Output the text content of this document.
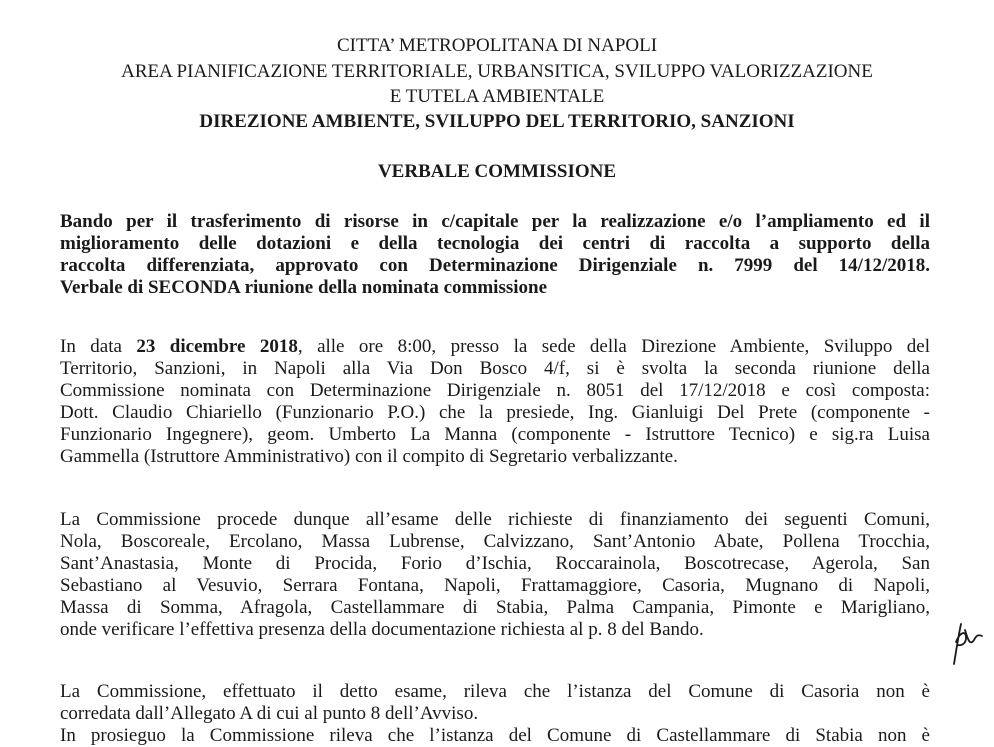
CITTA’ METROPOLITANA DI NAPOLI
AREA PIANIFICAZIONE TERRITORIALE, URBANSITICA, SVILUPPO VALORIZZAZIONE
E TUTELA AMBIENTALE
DIREZIONE AMBIENTE, SVILUPPO DEL TERRITORIO, SANZIONI
VERBALE COMMISSIONE
Bando per il trasferimento di risorse in c/capitale per la realizzazione e/o l’ampliamento ed il
miglioramento delle dotazioni e della tecnologia dei centri di raccolta a supporto della
raccolta differenziata, approvato con Determinazione Dirigenziale n. 7999 del 14/12/2018.
Verbale di SECONDA riunione della nominata commissione
In data 23 dicembre 2018, alle ore 8:00, presso la sede della Direzione Ambiente, Sviluppo del
Territorio, Sanzioni, in Napoli alla Via Don Bosco 4/f, si è svolta la seconda riunione della
Commissione nominata con Determinazione Dirigenziale n. 8051 del 17/12/2018 e così composta:
Dott. Claudio Chiariello (Funzionario P.O.) che la presiede, Ing. Gianluigi Del Prete (componente -
Funzionario Ingegnere), geom. Umberto La Manna (componente - Istruttore Tecnico) e sig.ra Luisa
Gammella (Istruttore Amministrativo) con il compito di Segretario verbalizzante.
La Commissione procede dunque all’esame delle richieste di finanziamento dei seguenti Comuni,
Nola, Boscoreale, Ercolano, Massa Lubrense, Calvizzano, Sant’Antonio Abate, Pollena Trocchia,
Sant’Anastasia, Monte di Procida, Forio d’Ischia, Roccarainola, Boscotrecase, Agerola, San
Sebastiano al Vesuvio, Serrara Fontana, Napoli, Frattamaggiore, Casoria, Mugnano di Napoli,
Massa di Somma, Afragola, Castellammare di Stabia, Palma Campania, Pimonte e Marigliano,
onde verificare l’effettiva presenza della documentazione richiesta al p. 8 del Bando.
La Commissione, effettuato il detto esame, rileva che l’istanza del Comune di Casoria non è
corredata dall’Allegato A di cui al punto 8 dell’Avviso.
In prosieguo la Commissione rileva che l’istanza del Comune di Castellammare di Stabia non è
